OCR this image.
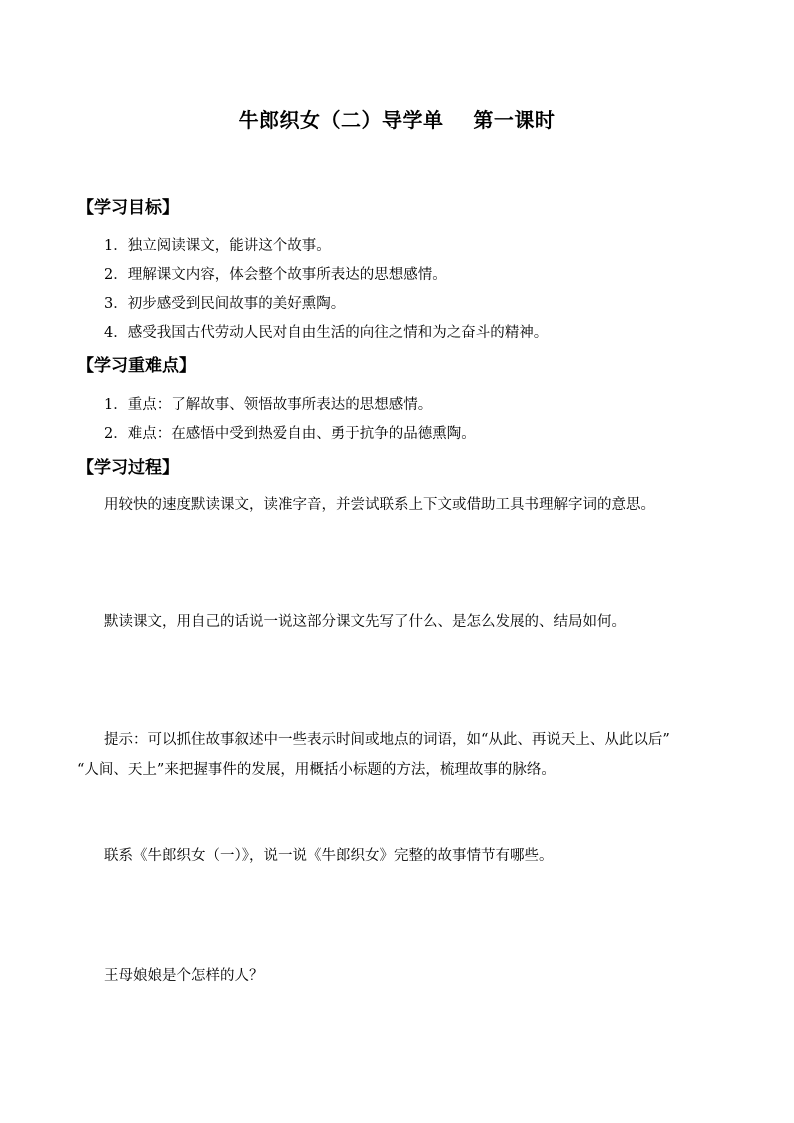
牛郎织女（二）导学单    第一课时
【学习目标】
1．独立阅读课文，能讲这个故事。
2．理解课文内容，体会整个故事所表达的思想感情。
3．初步感受到民间故事的美好熏陶。
4．感受我国古代劳动人民对自由生活的向往之情和为之奋斗的精神。
【学习重难点】
1．重点：了解故事、领悟故事所表达的思想感情。
2．难点：在感悟中受到热爱自由、勇于抗争的品德熏陶。
【学习过程】
用较快的速度默读课文，读准字音，并尝试联系上下文或借助工具书理解字词的意思。
默读课文，用自己的话说一说这部分课文先写了什么、是怎么发展的、结局如何。
提示：可以抓住故事叙述中一些表示时间或地点的词语，如“从此、再说天上、从此以后”
“人间、天上”来把握事件的发展，用概括小标题的方法，梳理故事的脉络。
联系《牛郎织女（一）》，说一说《牛郎织女》完整的故事情节有哪些。
王母娘娘是个怎样的人？
